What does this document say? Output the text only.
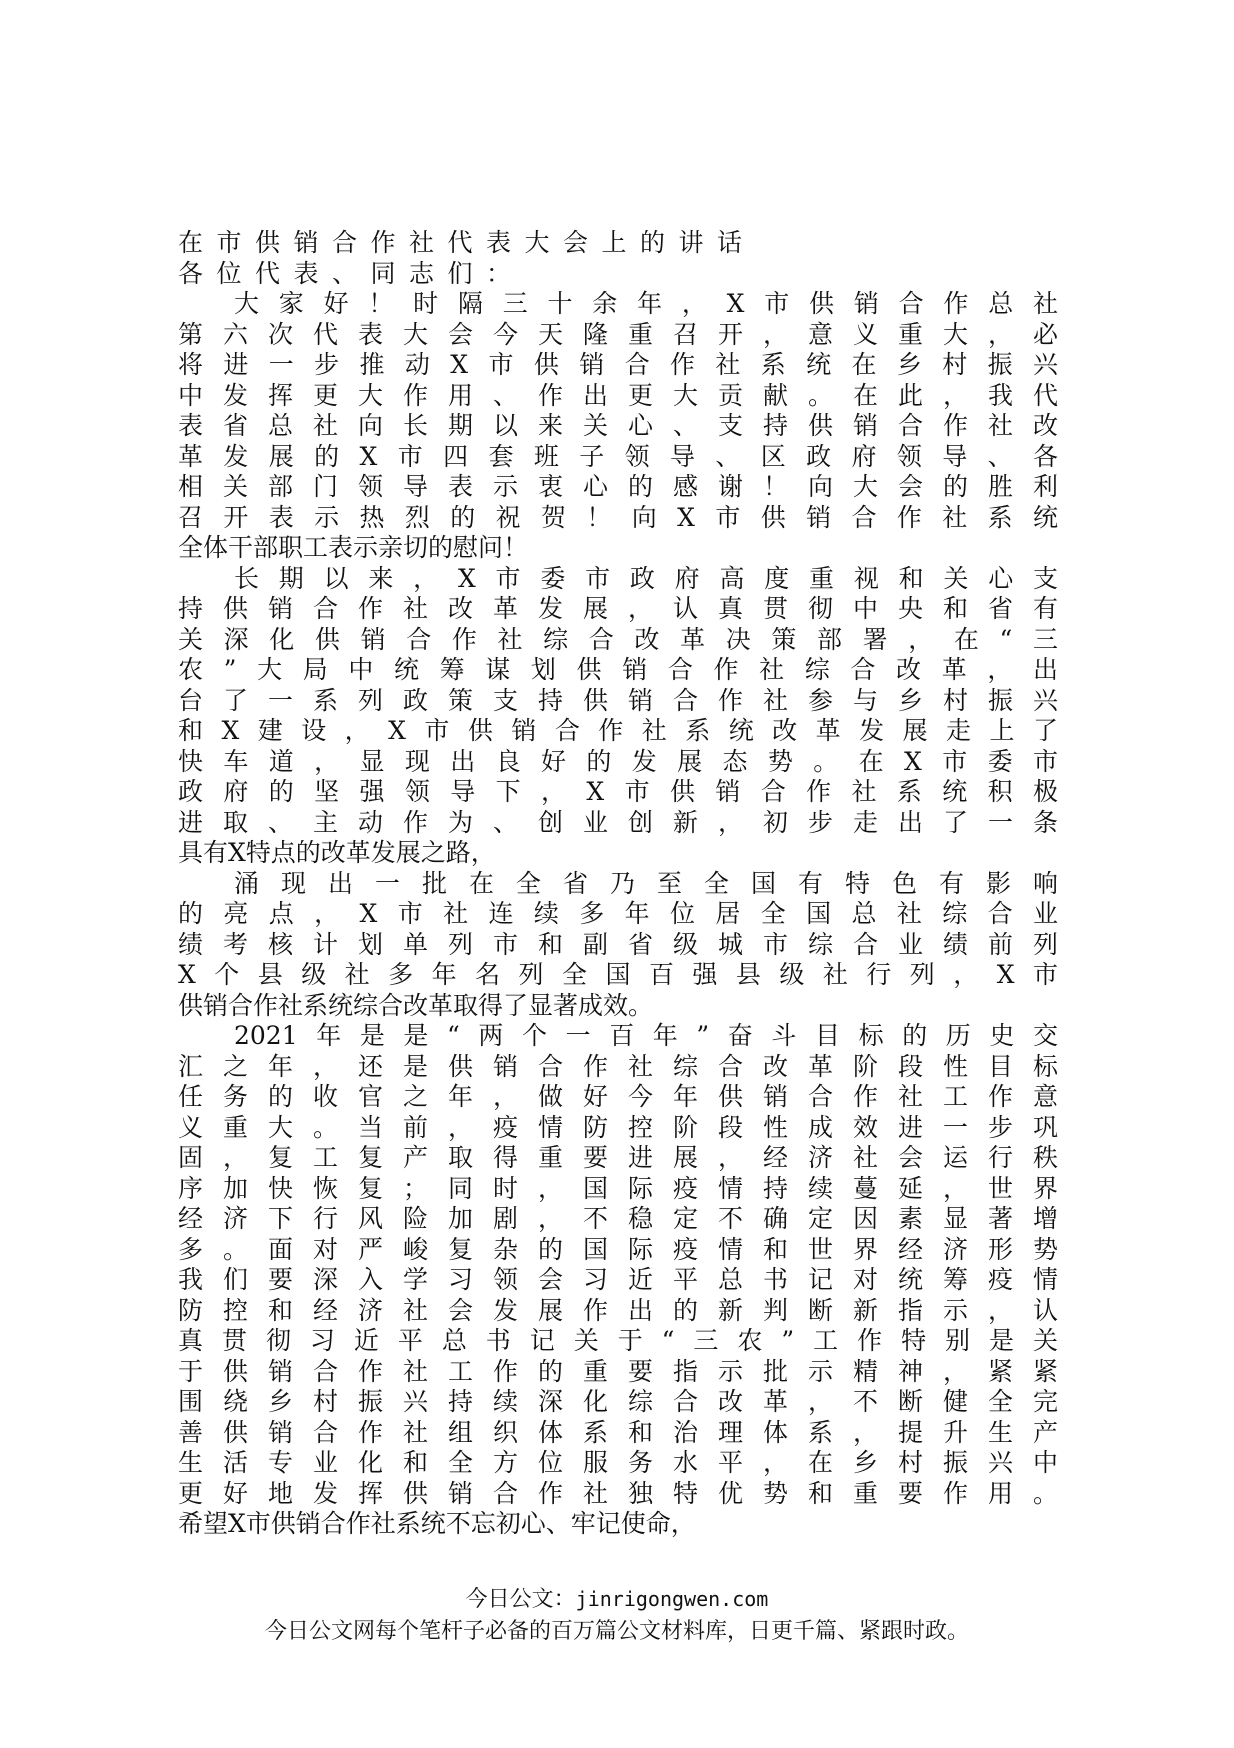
在市供销合作社代表大会上的讲话
各位代表、同志们：
大家好！时隔三十余年，X市供销合作总社
第六次代表大会今天隆重召开，意义重大，必
将进一步推动X市供销合作社系统在乡村振兴
中发挥更大作用、作出更大贡献。在此，我代
表省总社向长期以来关心、支持供销合作社改
革发展的X市四套班子领导、区政府领导、各
相关部门领导表示衷心的感谢！向大会的胜利
召开表示热烈的祝贺！向X市供销合作社系统
全体干部职工表示亲切的慰问！
长期以来，X市委市政府高度重视和关心支
持供销合作社改革发展，认真贯彻中央和省有
关深化供销合作社综合改革决策部署，在“三
农”大局中统筹谋划供销合作社综合改革，出
台了一系列政策支持供销合作社参与乡村振兴
和X建设，X市供销合作社系统改革发展走上了
快车道，显现出良好的发展态势。在X市委市
政府的坚强领导下，X市供销合作社系统积极
进取、主动作为、创业创新，初步走出了一条
具有X特点的改革发展之路，
涌现出一批在全省乃至全国有特色有影响
的亮点，X市社连续多年位居全国总社综合业
绩考核计划单列市和副省级城市综合业绩前列
X个县级社多年名列全国百强县级社行列，X市
供销合作社系统综合改革取得了显著成效。
2021年是是“两个一百年”奋斗目标的历史交
汇之年，还是供销合作社综合改革阶段性目标
任务的收官之年，做好今年供销合作社工作意
义重大。当前，疫情防控阶段性成效进一步巩
固，复工复产取得重要进展，经济社会运行秩
序加快恢复；同时，国际疫情持续蔓延，世界
经济下行风险加剧，不稳定不确定因素显著增
多。面对严峻复杂的国际疫情和世界经济形势
我们要深入学习领会习近平总书记对统筹疫情
防控和经济社会发展作出的新判断新指示，认
真贯彻习近平总书记关于“三农”工作特别是关
于供销合作社工作的重要指示批示精神，紧紧
围绕乡村振兴持续深化综合改革，不断健全完
善供销合作社组织体系和治理体系，提升生产
生活专业化和全方位服务水平，在乡村振兴中
更好地发挥供销合作社独特优势和重要作用。
希望X市供销合作社系统不忘初心、牢记使命，
今日公文：jinrigongwen.com
今日公文网每个笔杆子必备的百万篇公文材料库，日更千篇、紧跟时政。
